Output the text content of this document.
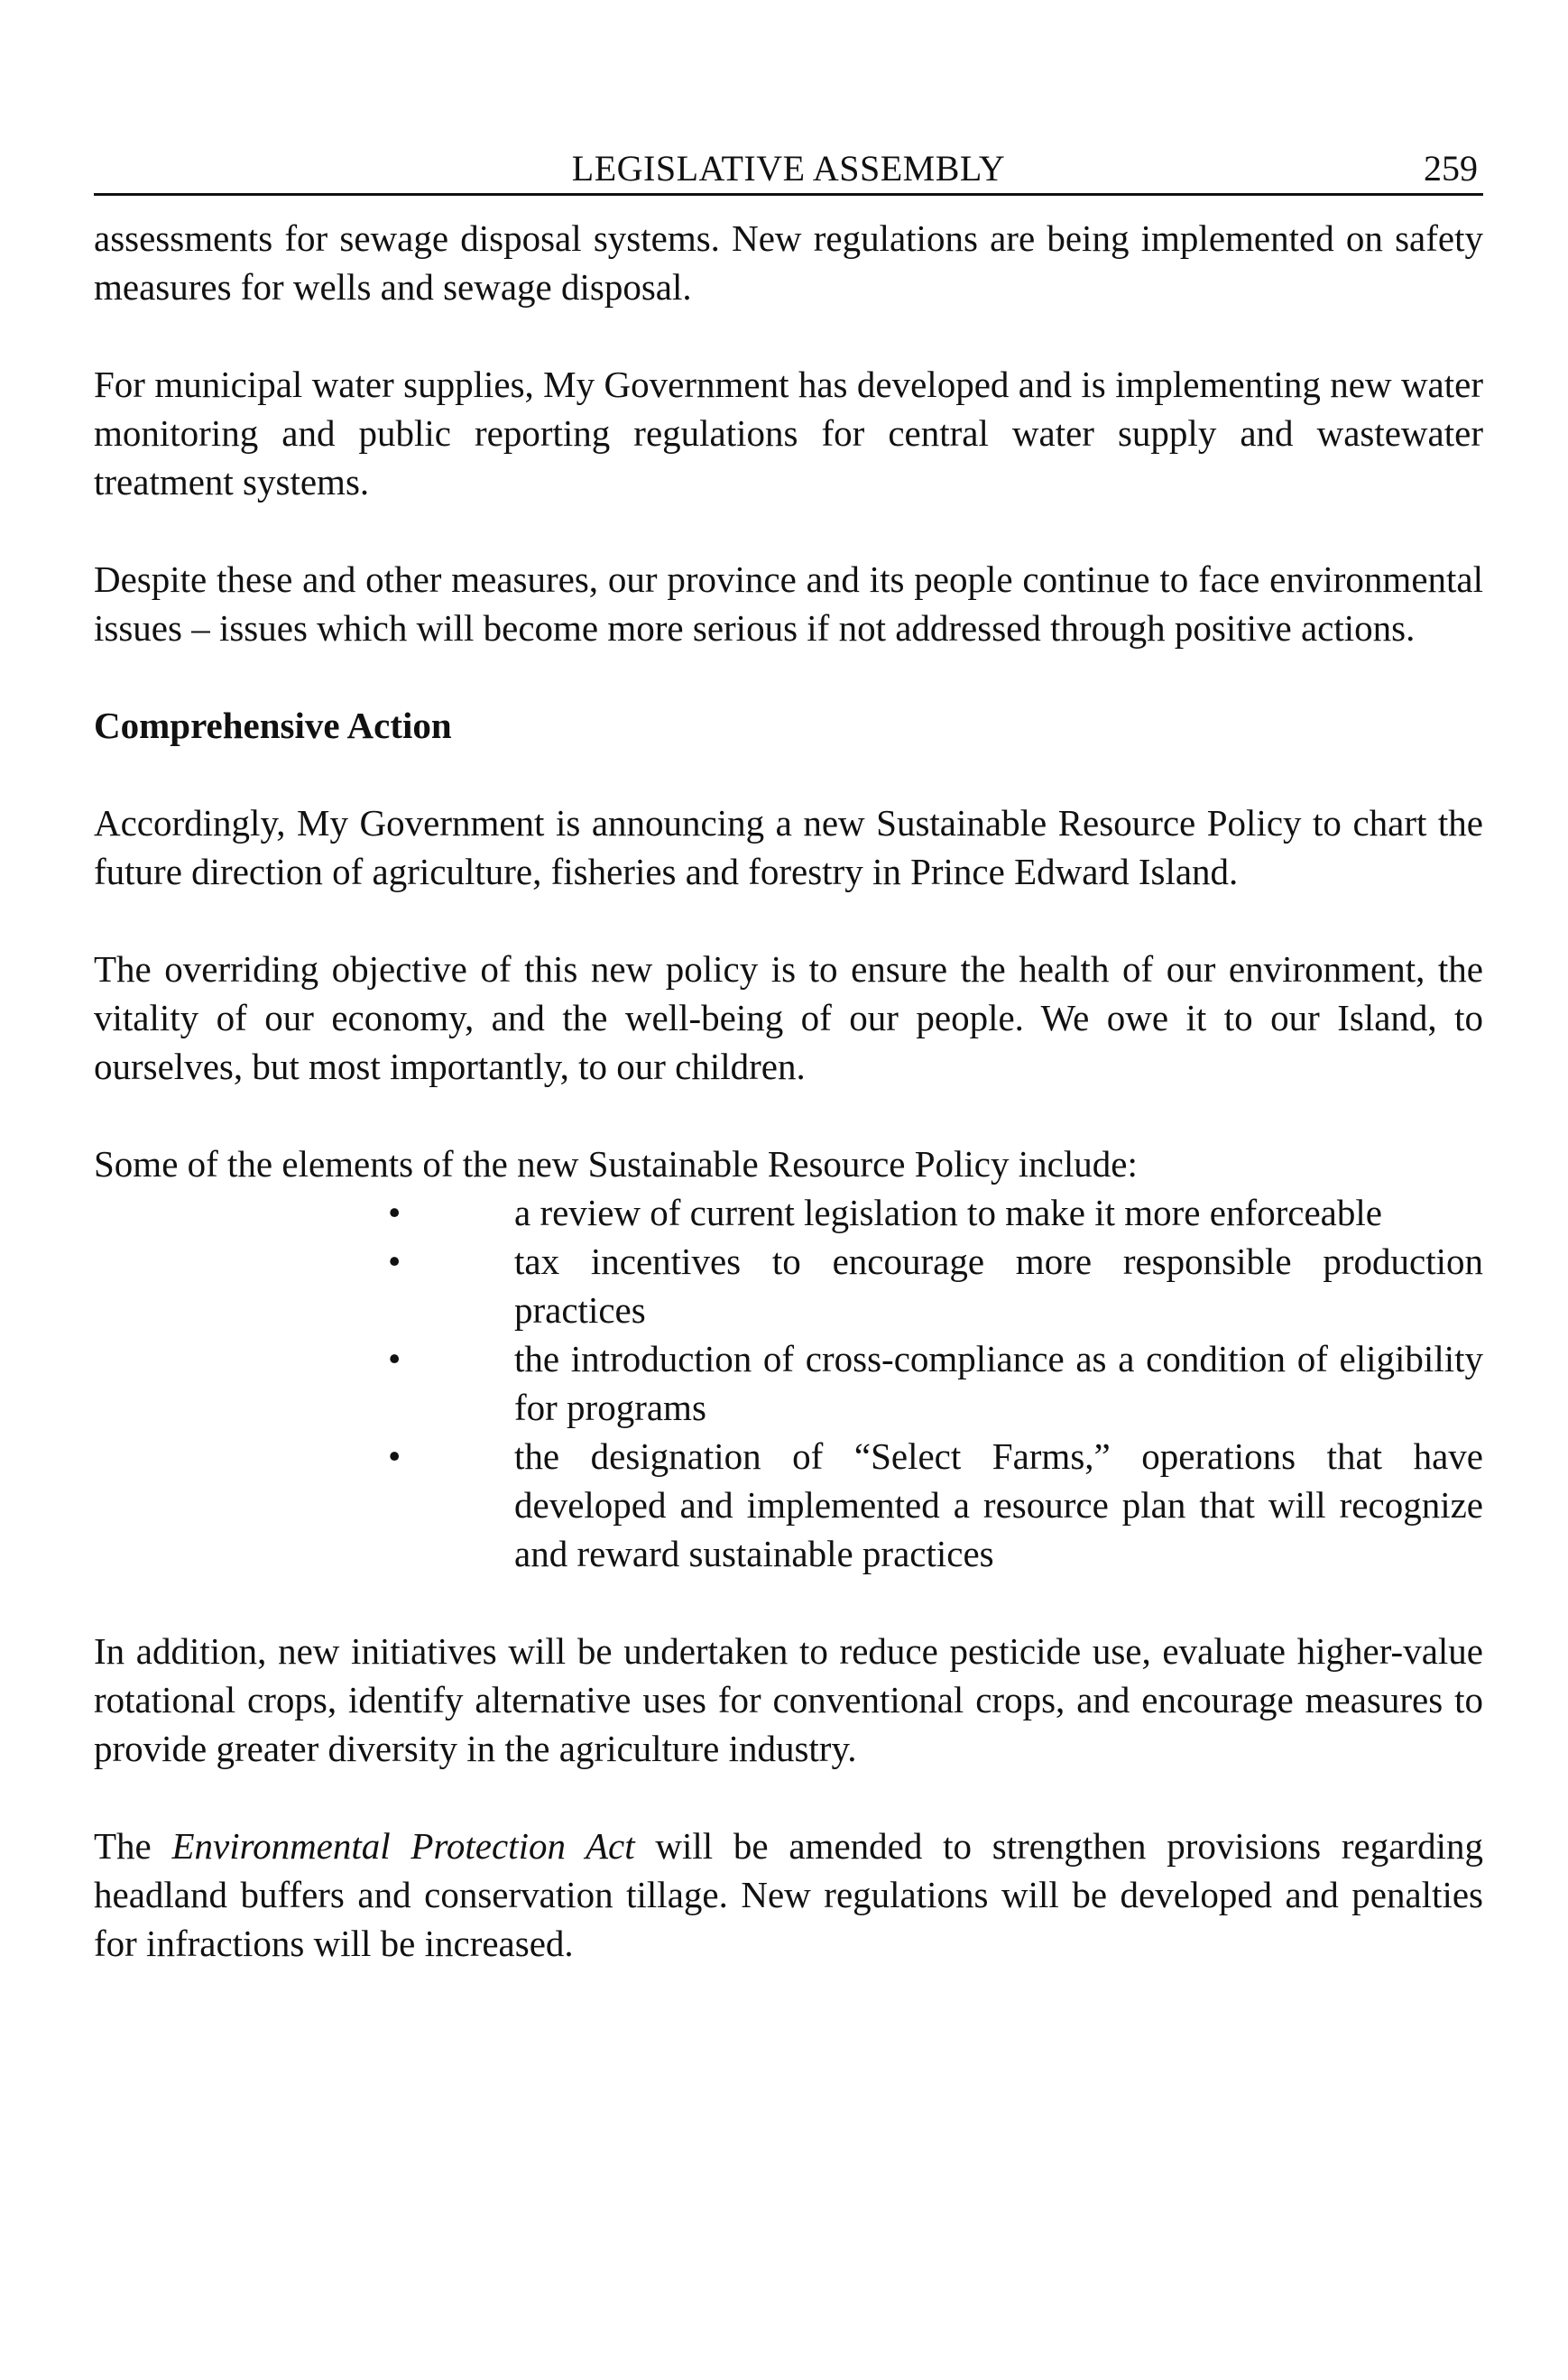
LEGISLATIVE ASSEMBLY	259

assessments for sewage disposal systems. New regulations are being implemented on safety measures for wells and sewage disposal.

For municipal water supplies, My Government has developed and is implementing new water monitoring and public reporting regulations for central water supply and wastewater treatment systems.

Despite these and other measures, our province and its people continue to face environmental issues – issues which will become more serious if not addressed through positive actions.

Comprehensive Action

Accordingly, My Government is announcing a new Sustainable Resource Policy to chart the future direction of agriculture, fisheries and forestry in Prince Edward Island.

The overriding objective of this new policy is to ensure the health of our environment, the vitality of our economy, and the well-being of our people. We owe it to our Island, to ourselves, but most importantly, to our children.

Some of the elements of the new Sustainable Resource Policy include:

•	a review of current legislation to make it more enforceable
•	tax incentives to encourage more responsible production practices
•	the introduction of cross-compliance as a condition of eligibility for programs
•	the designation of “Select Farms,” operations that have developed and implemented a resource plan that will recognize and reward sustainable practices

In addition, new initiatives will be undertaken to reduce pesticide use, evaluate higher-value rotational crops, identify alternative uses for conventional crops, and encourage measures to provide greater diversity in the agriculture industry.

The Environmental Protection Act will be amended to strengthen provisions regarding headland buffers and conservation tillage. New regulations will be developed and penalties for infractions will be increased.
